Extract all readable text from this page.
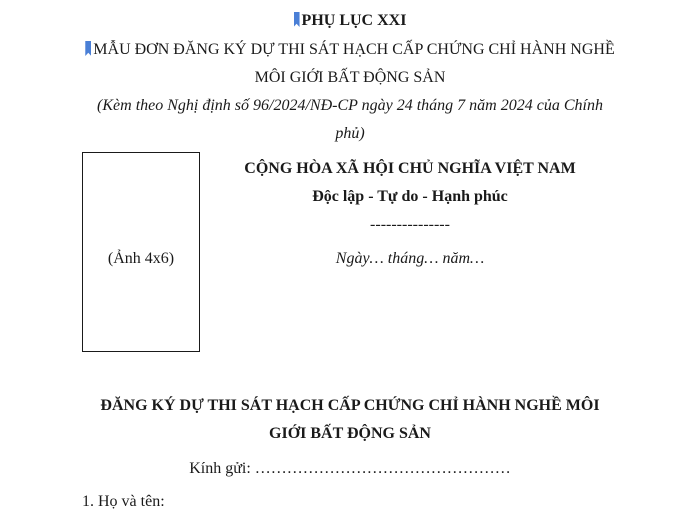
PHỤ LỤC XXI
MẪU ĐƠN ĐĂNG KÝ DỰ THI SÁT HẠCH CẤP CHỨNG CHỈ HÀNH NGHỀ
MÔI GIỚI BẤT ĐỘNG SẢN
(Kèm theo Nghị định số 96/2024/NĐ-CP ngày 24 tháng 7 năm 2024 của Chính
phủ)
(Ảnh 4x6)
CỘNG HÒA XÃ HỘI CHỦ NGHĨA VIỆT NAM
Độc lập - Tự do - Hạnh phúc
---------------
Ngày… tháng… năm…
ĐĂNG KÝ DỰ THI SÁT HẠCH CẤP CHỨNG CHỈ HÀNH NGHỀ MÔI
GIỚI BẤT ĐỘNG SẢN
Kính gửi: …………………………………………
1. Họ và tên:
